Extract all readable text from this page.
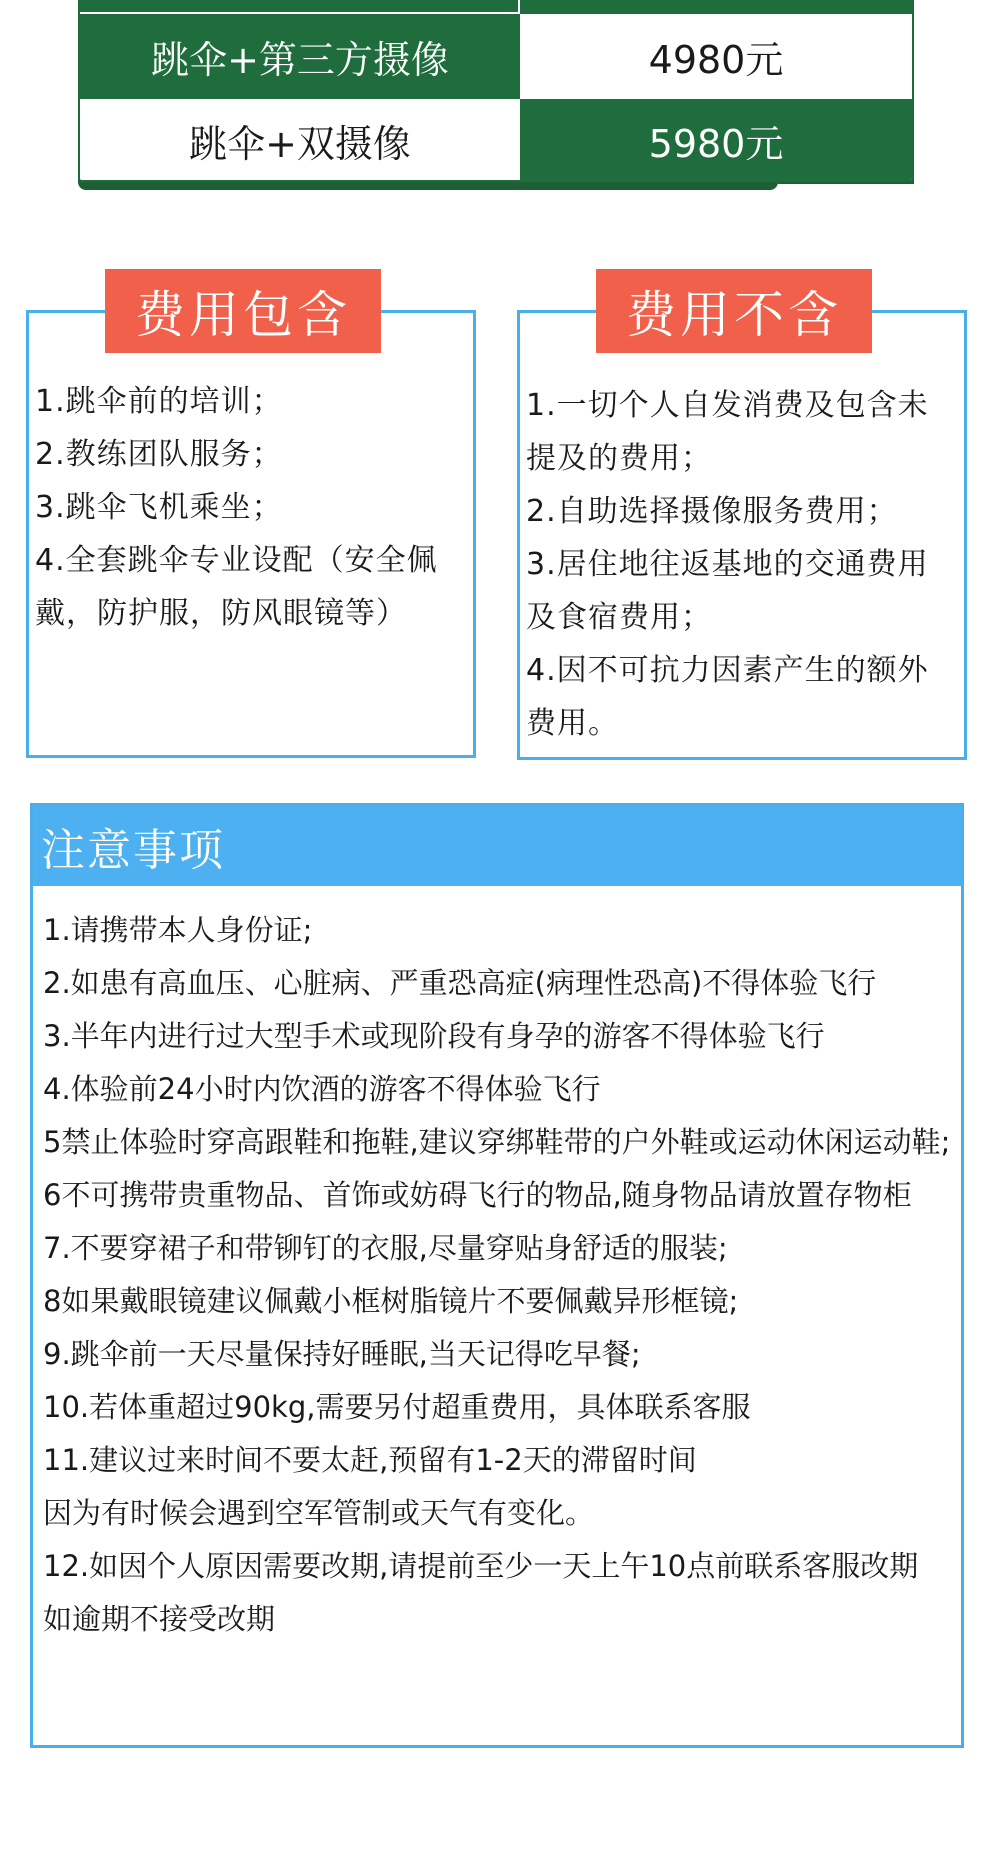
跳伞+第三方摄像	4980元
跳伞+双摄像	5980元
费用包含
1.跳伞前的培训；
2.教练团队服务；
3.跳伞飞机乘坐；
4.全套跳伞专业设配（安全佩戴，防护服，防风眼镜等）
费用不含
1.一切个人自发消费及包含未提及的费用；
2.自助选择摄像服务费用；
3.居住地往返基地的交通费用及食宿费用；
4.因不可抗力因素产生的额外费用。
注意事项
1.请携带本人身份证;
2.如患有高血压、心脏病、严重恐高症(病理性恐高)不得体验飞行
3.半年内进行过大型手术或现阶段有身孕的游客不得体验飞行
4.体验前24小时内饮酒的游客不得体验飞行
5禁止体验时穿高跟鞋和拖鞋,建议穿绑鞋带的户外鞋或运动休闲运动鞋;
6不可携带贵重物品、首饰或妨碍飞行的物品,随身物品请放置存物柜
7.不要穿裙子和带铆钉的衣服,尽量穿贴身舒适的服装;
8如果戴眼镜建议佩戴小框树脂镜片不要佩戴异形框镜;
9.跳伞前一天尽量保持好睡眠,当天记得吃早餐;
10.若体重超过90kg,需要另付超重费用，具体联系客服
11.建议过来时间不要太赶,预留有1-2天的滞留时间
因为有时候会遇到空军管制或天气有变化。
12.如因个人原因需要改期,请提前至少一天上午10点前联系客服改期
如逾期不接受改期
